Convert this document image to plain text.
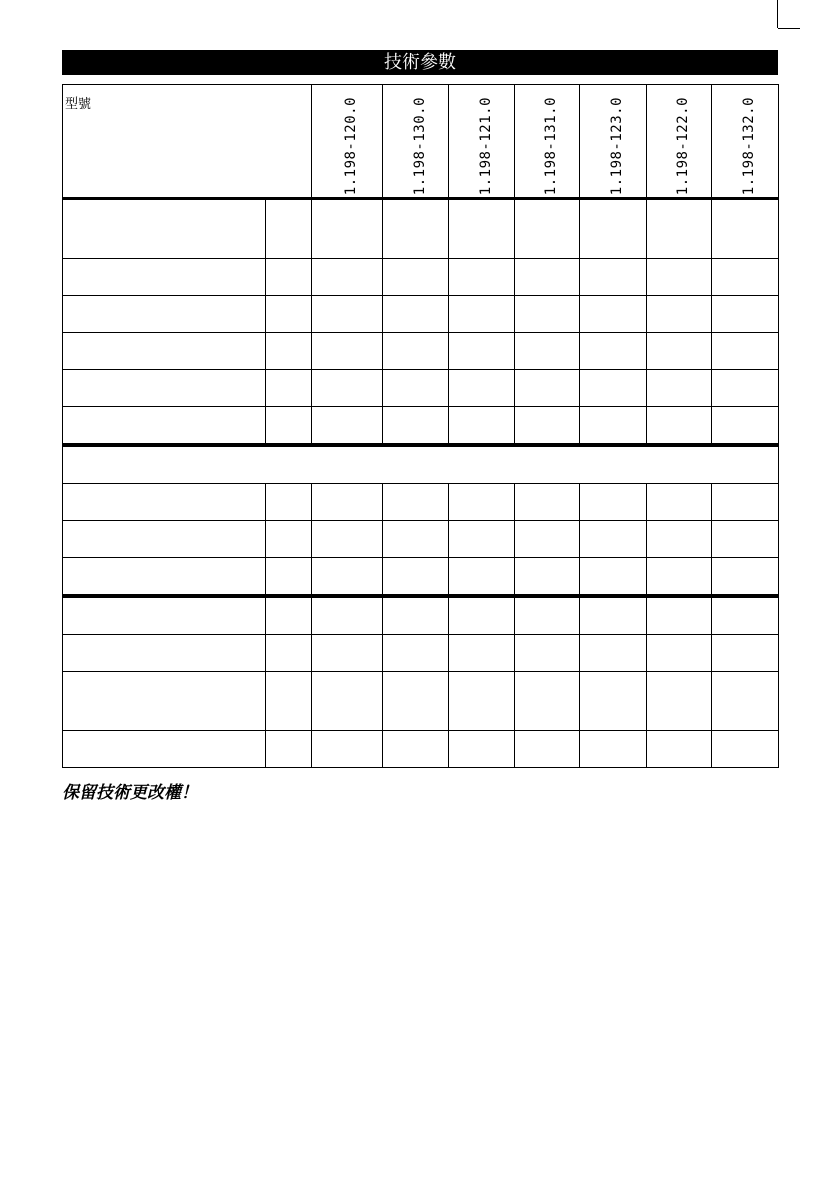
技術參數
型號		1.198-120.0	1.198-130.0	1.198-121.0	1.198-131.0	1.198-123.0	1.198-122.0	1.198-132.0

保留技術更改權！
